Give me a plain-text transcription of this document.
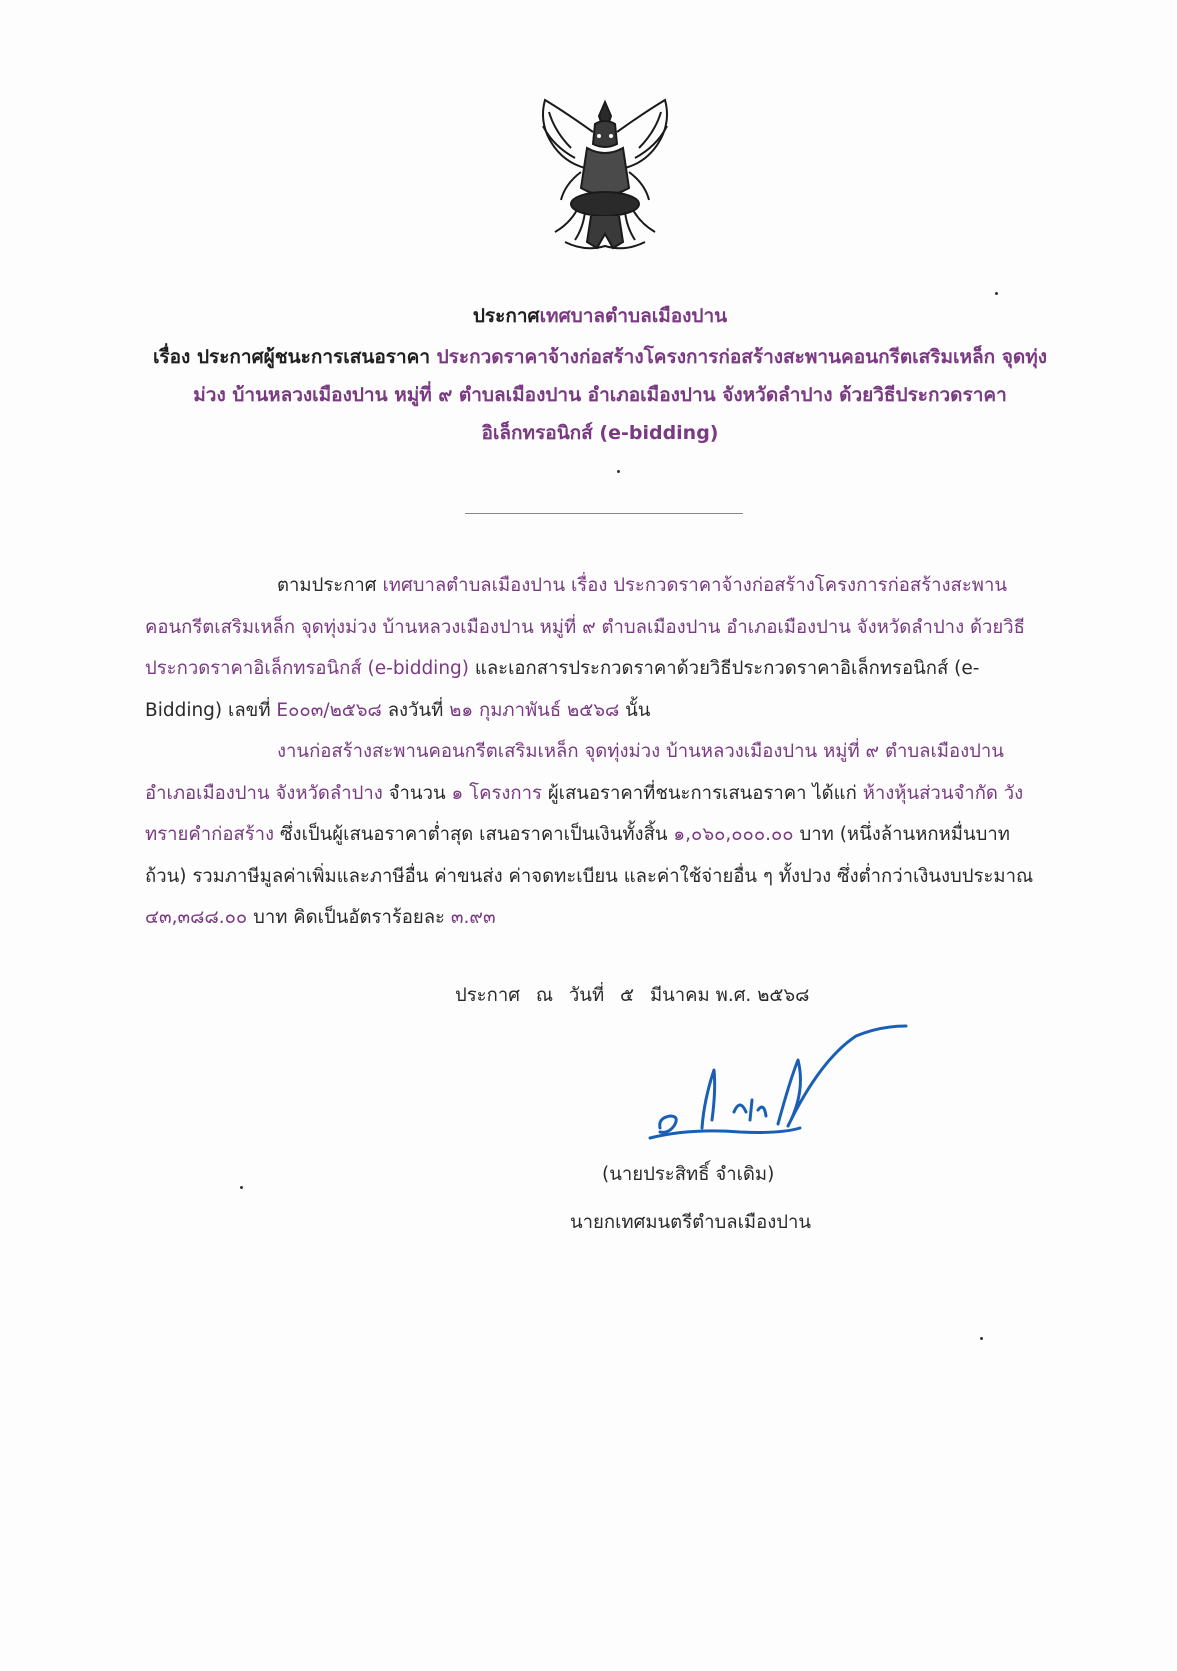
ประกาศเทศบาลตำบลเมืองปาน
เรื่อง ประกาศผู้ชนะการเสนอราคา ประกวดราคาจ้างก่อสร้างโครงการก่อสร้างสะพานคอนกรีตเสริมเหล็ก จุดทุ่ง
ม่วง บ้านหลวงเมืองปาน หมู่ที่ ๙ ตำบลเมืองปาน อำเภอเมืองปาน จังหวัดลำปาง ด้วยวิธีประกวดราคา
อิเล็กทรอนิกส์ (e-bidding)
ตามประกาศ เทศบาลตำบลเมืองปาน เรื่อง ประกวดราคาจ้างก่อสร้างโครงการก่อสร้างสะพาน คอนกรีตเสริมเหล็ก จุดทุ่งม่วง บ้านหลวงเมืองปาน หมู่ที่ ๙ ตำบลเมืองปาน อำเภอเมืองปาน จังหวัดลำปาง ด้วยวิธี ประกวดราคาอิเล็กทรอนิกส์ (e-bidding) และเอกสารประกวดราคาด้วยวิธีประกวดราคาอิเล็กทรอนิกส์ (e-Bidding) เลขที่ E๐๐๓/๒๕๖๘ ลงวันที่ ๒๑ กุมภาพันธ์ ๒๕๖๘ นั้น
งานก่อสร้างสะพานคอนกรีตเสริมเหล็ก จุดทุ่งม่วง บ้านหลวงเมืองปาน หมู่ที่ ๙ ตำบลเมืองปาน อำเภอเมืองปาน จังหวัดลำปาง จำนวน ๑ โครงการ ผู้เสนอราคาที่ชนะการเสนอราคา ได้แก่ ห้างหุ้นส่วนจำกัด วังทรายคำก่อสร้าง ซึ่งเป็นผู้เสนอราคาต่ำสุด เสนอราคาเป็นเงินทั้งสิ้น ๑,๐๖๐,๐๐๐.๐๐ บาท (หนึ่งล้านหกหมื่นบาทถ้วน) รวมภาษีมูลค่าเพิ่มและภาษีอื่น ค่าขนส่ง ค่าจดทะเบียน และค่าใช้จ่ายอื่น ๆ ทั้งปวง ซึ่งต่ำกว่าเงินงบประมาณ ๔๓,๓๘๘.๐๐ บาท คิดเป็นอัตราร้อยละ ๓.๙๓
ประกาศ ณ วันที่ ๕ มีนาคม พ.ศ. ๒๕๖๘
(นายประสิทธิ์ จำเดิม)
นายกเทศมนตรีตำบลเมืองปาน
